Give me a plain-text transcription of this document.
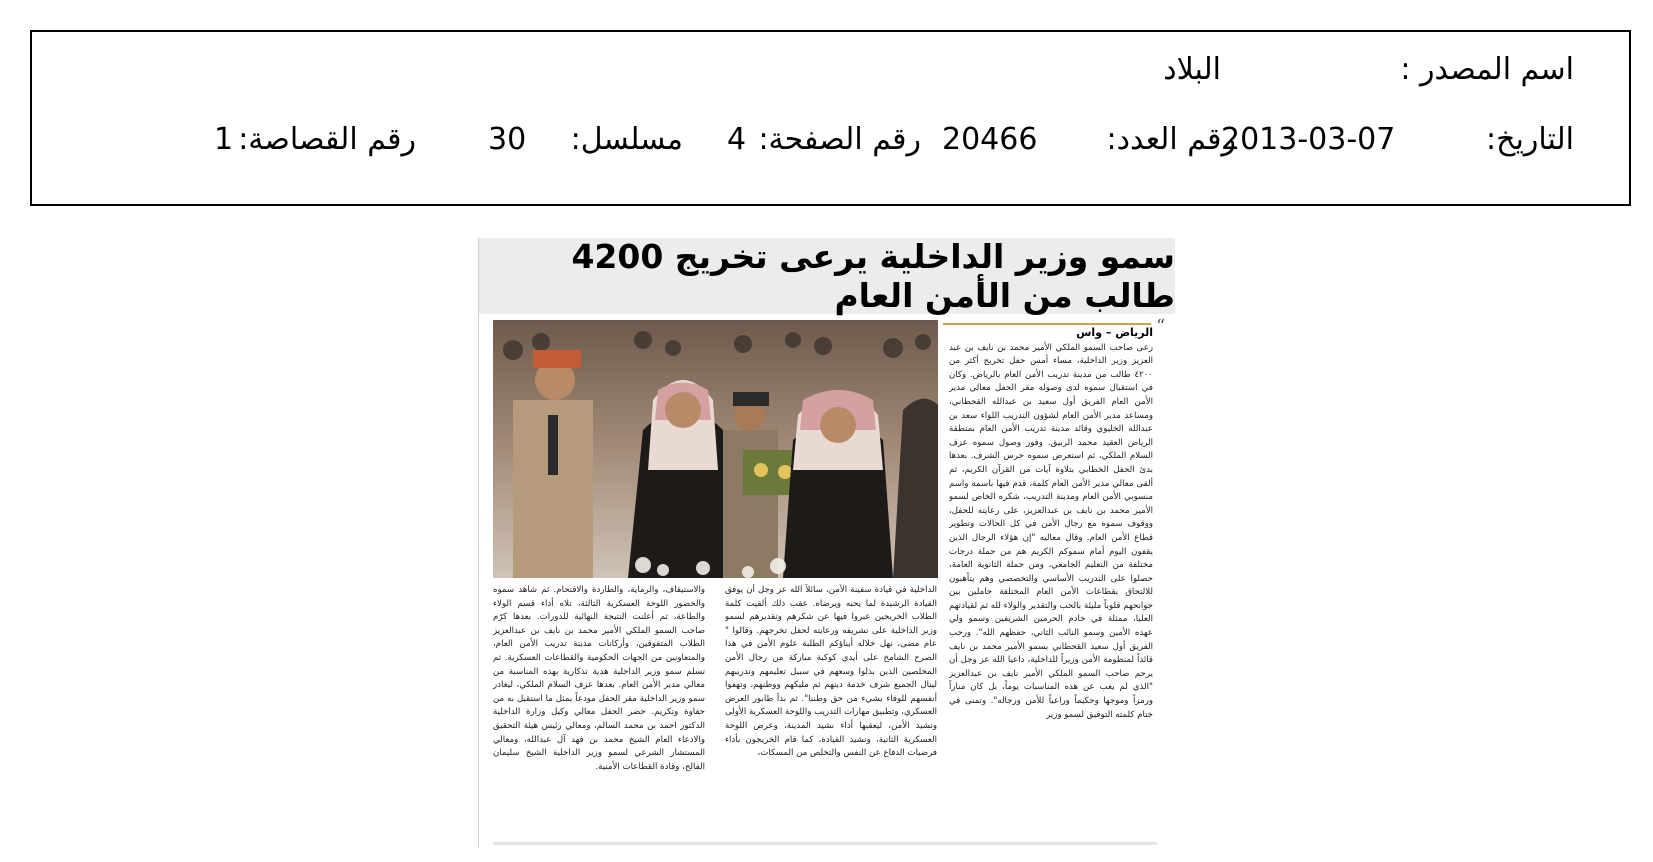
اسم المصدر :
البلاد
التاريخ:
2013-03-07
رقم العدد:
20466
رقم الصفحة:
4
مسلسل:
30
رقم القصاصة:
1
سمو وزير الداخلية يرعى تخريج 4200 طالب من الأمن العام
“
الرياض – واس
رعى صاحب السمو الملكي الأمير محمد بن نايف بن عبد العزيز وزير الداخلية، مساء أمس حفل تخريج أكثر من ٤٢٠٠ طالب من مدينة تدريب الأمن العام بالرياض. وكان في استقبال سموه لدى وصوله مقر الحفل معالي مدير الأمن العام الفريق أول سعيد بن عبدالله القحطاني، ومساعد مدير الأمن العام لشؤون التدريب اللواء سعد بن عبدالله الخليوي وقائد مدينة تدريب الأمن العام بمنطقة الرياض العقيد محمد الربيق. وفور وصول سموه عزف السلام الملكي، ثم استعرض سموه حرس الشرف. بعدها بدئ الحفل الخطابي بتلاوة آيات من القرآن الكريم، ثم ألقى معالي مدير الأمن العام كلمة، قدم فيها باسمه واسم منسوبي الأمن العام ومدينة التدريب، شكره الخاص لسمو الأمير محمد بن نايف بن عبدالعزيز، على رعايته للحفل، ووقوف سموه مع رجال الأمن في كل الحالات وتطوير قطاع الأمن العام. وقال معاليه "إن هؤلاء الرجال الذين يقفون اليوم أمام سموكم الكريم هم من حملة درجات مختلفة من التعليم الجامعي، ومن حملة الثانوية العامة، حصلوا على التدريب الأساسي والتخصصي وهم يتأهبون للالتحاق بقطاعات الأمن العام المختلفة حاملين بين جوانحهم قلوباً مليئة بالحب والتقدير والولاء لله ثم لقيادتهم العليا، ممثلة في خادم الحرمين الشريفين وسمو ولي عهده الأمين وسمو النائب الثاني، حفظهم الله". ورحب الفريق أول سعيد القحطاني بسمو الأمير محمد بن نايف قائداً لمنظومة الأمن وزيراً للداخلية، داعيا الله عز وجل أن يرحم صاحب السمو الملكي الأمير نايف بن عبدالعزيز "الذي لم يغب عن هذه المناسبات يوماً، بل كان مناراً ورمزاً وموجها وحكيماً وراعياً للأمن ورجاله". وتمنى في ختام كلمته التوفيق لسمو وزير
الداخلية في قيادة سفينة الأمن، سائلاً الله عز وجل أن يوفق القيادة الرشيدة لما يحبه ويرضاه. عقب ذلك ألقيت كلمة الطلاب الخريجين عبروا فيها عن شكرهم وتقديرهم لسمو وزير الداخلية على تشريفه ورعايته لحفل تخرجهم. وقالوا " عام مضى، نهل خلاله أبناؤكم الطلبة علوم الأمن في هذا الصرح الشامخ على أيدي كوكبة مباركة من رجال الأمن المخلصين الذين بذلوا وسعهم في سبيل تعليمهم وتدريبهم لينال الجميع شرف خدمة دينهم ثم مليكهم ووطنهم، وتهفوا أنفسهم للوفاء بشيء من حق وطننا". ثم بدأ طابور العرض العسكري، وتطبيق مهارات التدريب واللوحة العسكرية الأولى ونشيد الأمن، ليعقبها أداء نشيد المدينة، وعرض اللوحة العسكرية الثانية، ونشيد القيادة، كما قام الخريجون بأداء فرضيات الدفاع عن النفس والتخلص من المسكات،
والاستيقاف، والرماية، والطاردة والاقتحام. ثم شاهد سموه والحضور اللوحة العسكرية الثالثة، تلاه أداء قسم الولاء والطاعة، ثم أعلنت النتيجة النهائية للدورات. بعدها كرّم صاحب السمو الملكي الأمير محمد بن نايف بن عبدالعزيز الطلاب المتفوقين، وأركانات مدينة تدريب الأمن العام، والمتعاونين من الجهات الحكومية والقطاعات العسكرية. ثم تسلم سمو وزير الداخلية هدية تذكارية بهذه المناسبة من معالي مدير الأمن العام. بعدها عزف السلام الملكي، ليغادر سمو وزير الداخلية مقر الحفل مودعاً بمثل ما استقبل به من حفاوة وتكريم. حضر الحفل معالي وكيل وزارة الداخلية الدكتور احمد بن محمد السالم، ومعالي رئيس هيئة التحقيق والادعاء العام الشيخ محمد بن فهد آل عبدالله، ومعالي المستشار الشرعي لسمو وزير الداخلية الشيخ سليمان الفالح، وقادة القطاعات الأمنية.
